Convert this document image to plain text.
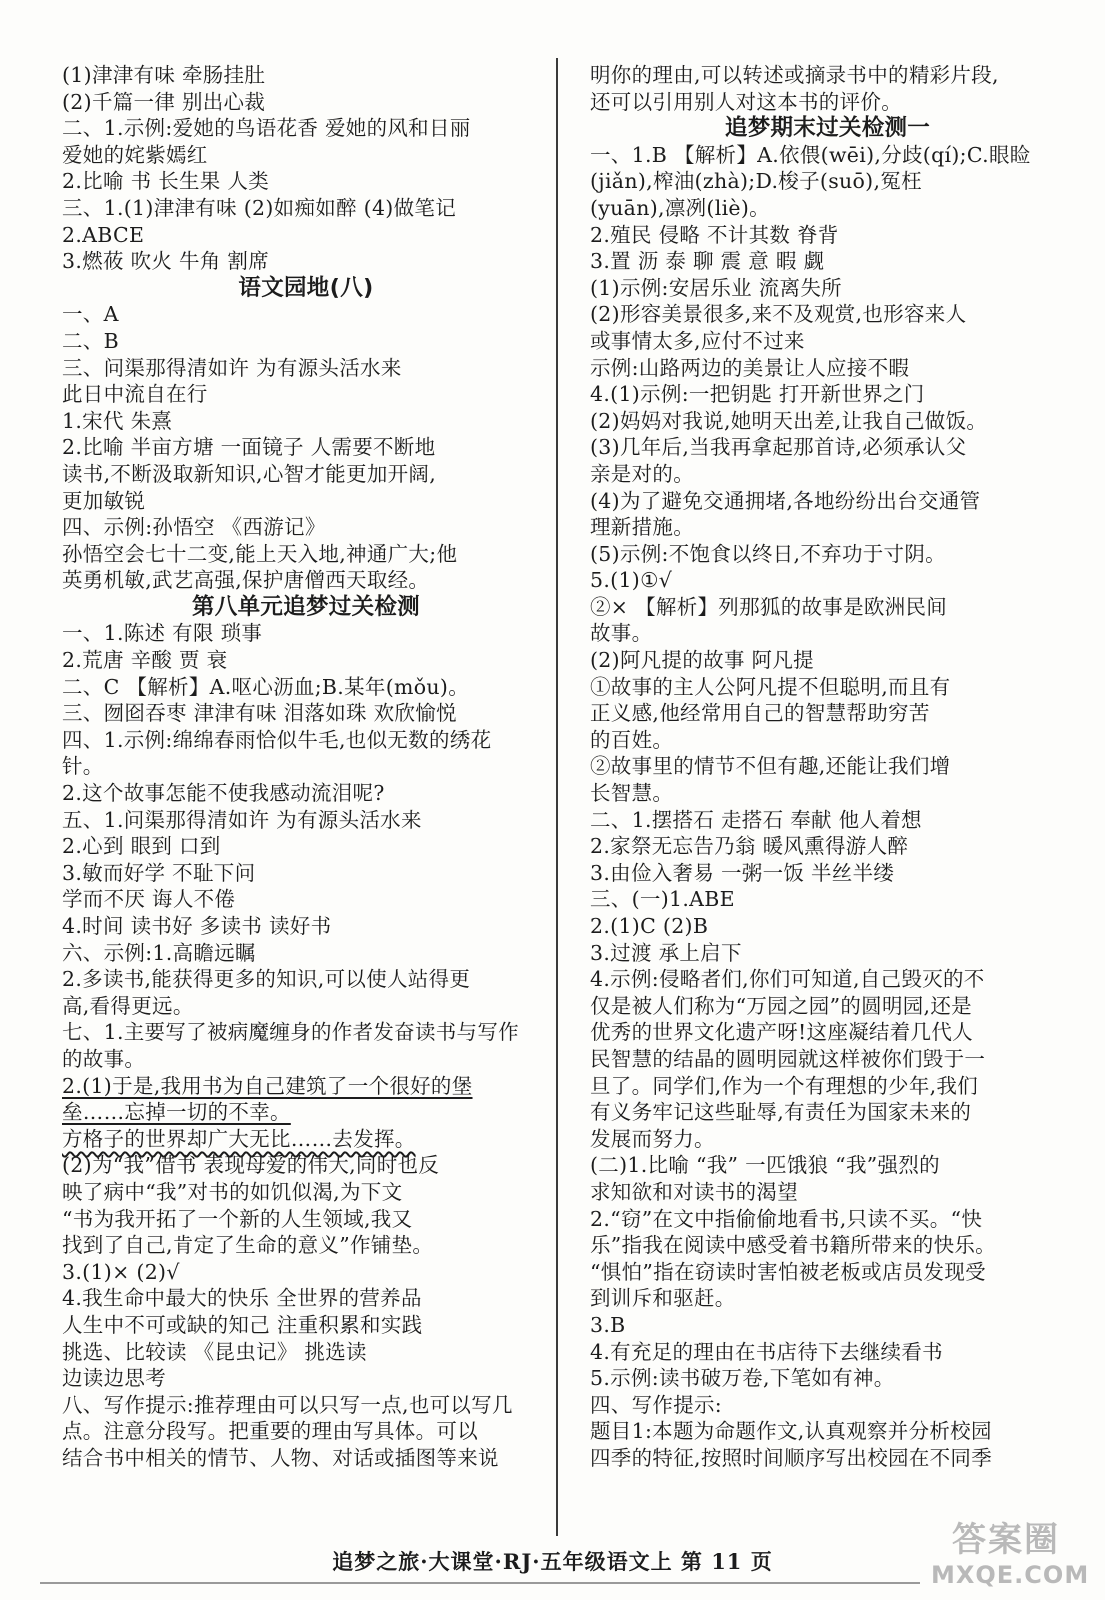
(1)津津有味 牵肠挂肚
(2)千篇一律 别出心裁
二、1.示例:爱她的鸟语花香 爱她的风和日丽
爱她的姹紫嫣红
2.比喻 书 长生果 人类
三、1.(1)津津有味 (2)如痴如醉 (4)做笔记
2.ABCE
3.燃莜 吹火 牛角 割席
语文园地(八)
一、A
二、B
三、问渠那得清如许 为有源头活水来
此日中流自在行
1.宋代 朱熹
2.比喻 半亩方塘 一面镜子 人需要不断地
读书,不断汲取新知识,心智才能更加开阔,
更加敏锐
四、示例:孙悟空 《西游记》
孙悟空会七十二变,能上天入地,神通广大;他
英勇机敏,武艺高强,保护唐僧西天取经。
第八单元追梦过关检测
一、1.陈述 有限 琐事
2.荒唐 辛酸 贾 衰
二、C 【解析】A.呕心沥血;B.某年(mǒu)。
三、囫囵吞枣 津津有味 泪落如珠 欢欣愉悦
四、1.示例:绵绵春雨恰似牛毛,也似无数的绣花
针。
2.这个故事怎能不使我感动流泪呢?
五、1.问渠那得清如许 为有源头活水来
2.心到 眼到 口到
3.敏而好学 不耻下问
学而不厌 诲人不倦
4.时间 读书好 多读书 读好书
六、示例:1.高瞻远瞩
2.多读书,能获得更多的知识,可以使人站得更
高,看得更远。
七、1.主要写了被病魔缠身的作者发奋读书与写作
的故事。
2.(1)于是,我用书为自己建筑了一个很好的堡
垒……忘掉一切的不幸。
方格子的世界却广大无比……去发挥。
(2)为“我”借书 表现母爱的伟大,同时也反
映了病中“我”对书的如饥似渴,为下文
“书为我开拓了一个新的人生领域,我又
找到了自己,肯定了生命的意义”作铺垫。
3.(1)× (2)√
4.我生命中最大的快乐 全世界的营养品
人生中不可或缺的知己 注重积累和实践
挑选、比较读 《昆虫记》 挑选读
边读边思考
八、写作提示:推荐理由可以只写一点,也可以写几
点。注意分段写。把重要的理由写具体。可以
结合书中相关的情节、人物、对话或插图等来说
明你的理由,可以转述或摘录书中的精彩片段,
还可以引用别人对这本书的评价。
追梦期末过关检测一
一、1.B 【解析】A.依偎(wēi),分歧(qí);C.眼睑
(jiǎn),榨油(zhà);D.梭子(suō),冤枉
(yuān),凛冽(liè)。
2.殖民 侵略 不计其数 脊背
3.置 沥 泰 聊 震 意 暇 觑
(1)示例:安居乐业 流离失所
(2)形容美景很多,来不及观赏,也形容来人
或事情太多,应付不过来
示例:山路两边的美景让人应接不暇
4.(1)示例:一把钥匙 打开新世界之门
(2)妈妈对我说,她明天出差,让我自己做饭。
(3)几年后,当我再拿起那首诗,必须承认父
亲是对的。
(4)为了避免交通拥堵,各地纷纷出台交通管
理新措施。
(5)示例:不饱食以终日,不弃功于寸阴。
5.(1)①√
②× 【解析】列那狐的故事是欧洲民间
故事。
(2)阿凡提的故事 阿凡提
①故事的主人公阿凡提不但聪明,而且有
正义感,他经常用自己的智慧帮助穷苦
的百姓。
②故事里的情节不但有趣,还能让我们增
长智慧。
二、1.摆搭石 走搭石 奉献 他人着想
2.家祭无忘告乃翁 暖风熏得游人醉
3.由俭入奢易 一粥一饭 半丝半缕
三、(一)1.ABE
2.(1)C (2)B
3.过渡 承上启下
4.示例:侵略者们,你们可知道,自己毁灭的不
仅是被人们称为“万园之园”的圆明园,还是
优秀的世界文化遗产呀!这座凝结着几代人
民智慧的结晶的圆明园就这样被你们毁于一
旦了。同学们,作为一个有理想的少年,我们
有义务牢记这些耻辱,有责任为国家未来的
发展而努力。
(二)1.比喻 “我” 一匹饿狼 “我”强烈的
求知欲和对读书的渴望
2.“窃”在文中指偷偷地看书,只读不买。“快
乐”指我在阅读中感受着书籍所带来的快乐。
“惧怕”指在窃读时害怕被老板或店员发现受
到训斥和驱赶。
3.B
4.有充足的理由在书店待下去继续看书
5.示例:读书破万卷,下笔如有神。
四、写作提示:
题目1:本题为命题作文,认真观察并分析校园
四季的特征,按照时间顺序写出校园在不同季
追梦之旅·大课堂·RJ·五年级语文上 第 11 页
答案圈
MXQE.COM
